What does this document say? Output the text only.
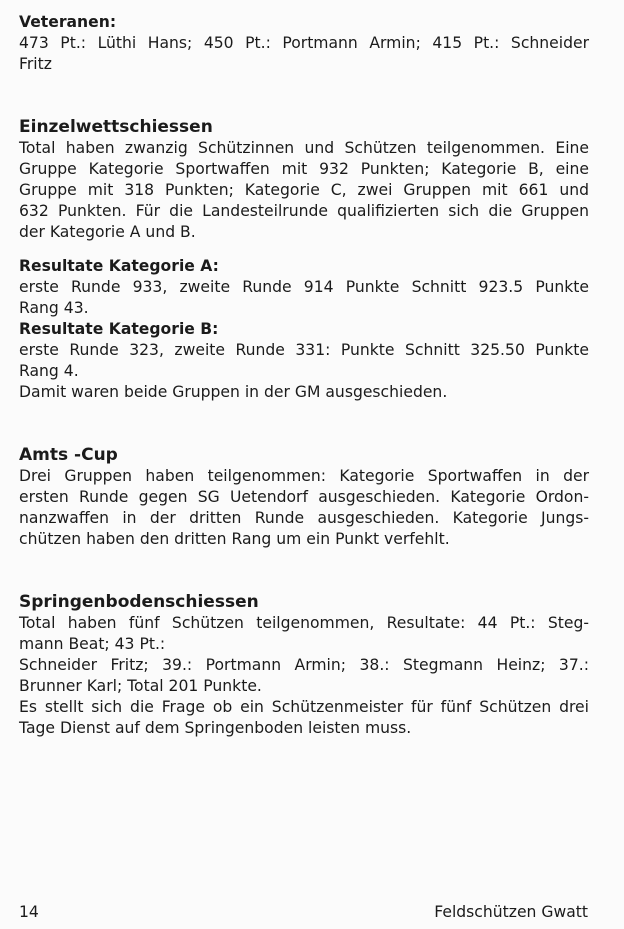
Veteranen:
473 Pt.: Lüthi Hans; 450 Pt.: Portmann Armin; 415 Pt.: Schneider
Fritz
Einzelwettschiessen
Total haben zwanzig Schützinnen und Schützen teilgenommen. Eine
Gruppe Kategorie Sportwaffen mit 932 Punkten; Kategorie B, eine
Gruppe mit 318 Punkten; Kategorie C, zwei Gruppen mit 661 und
632 Punkten. Für die Landesteilrunde qualifizierten sich die Gruppen
der Kategorie A und B.
Resultate Kategorie A:
erste Runde 933, zweite Runde 914 Punkte Schnitt 923.5 Punkte
Rang 43.
Resultate Kategorie B:
erste Runde 323, zweite Runde 331: Punkte Schnitt 325.50 Punkte
Rang 4.
Damit waren beide Gruppen in der GM ausgeschieden.
Amts -Cup
Drei Gruppen haben teilgenommen: Kategorie Sportwaffen in der
ersten Runde gegen SG Uetendorf ausgeschieden. Kategorie Ordon-
nanzwaffen in der dritten Runde ausgeschieden. Kategorie Jungs-
chützen haben den dritten Rang um ein Punkt verfehlt.
Springenbodenschiessen
Total haben fünf Schützen teilgenommen, Resultate: 44 Pt.: Steg-
mann Beat; 43 Pt.:
Schneider Fritz; 39.: Portmann Armin; 38.: Stegmann Heinz; 37.:
Brunner Karl; Total 201 Punkte.
Es stellt sich die Frage ob ein Schützenmeister für fünf Schützen drei
Tage Dienst auf dem Springenboden leisten muss.
14	Feldschützen Gwatt
